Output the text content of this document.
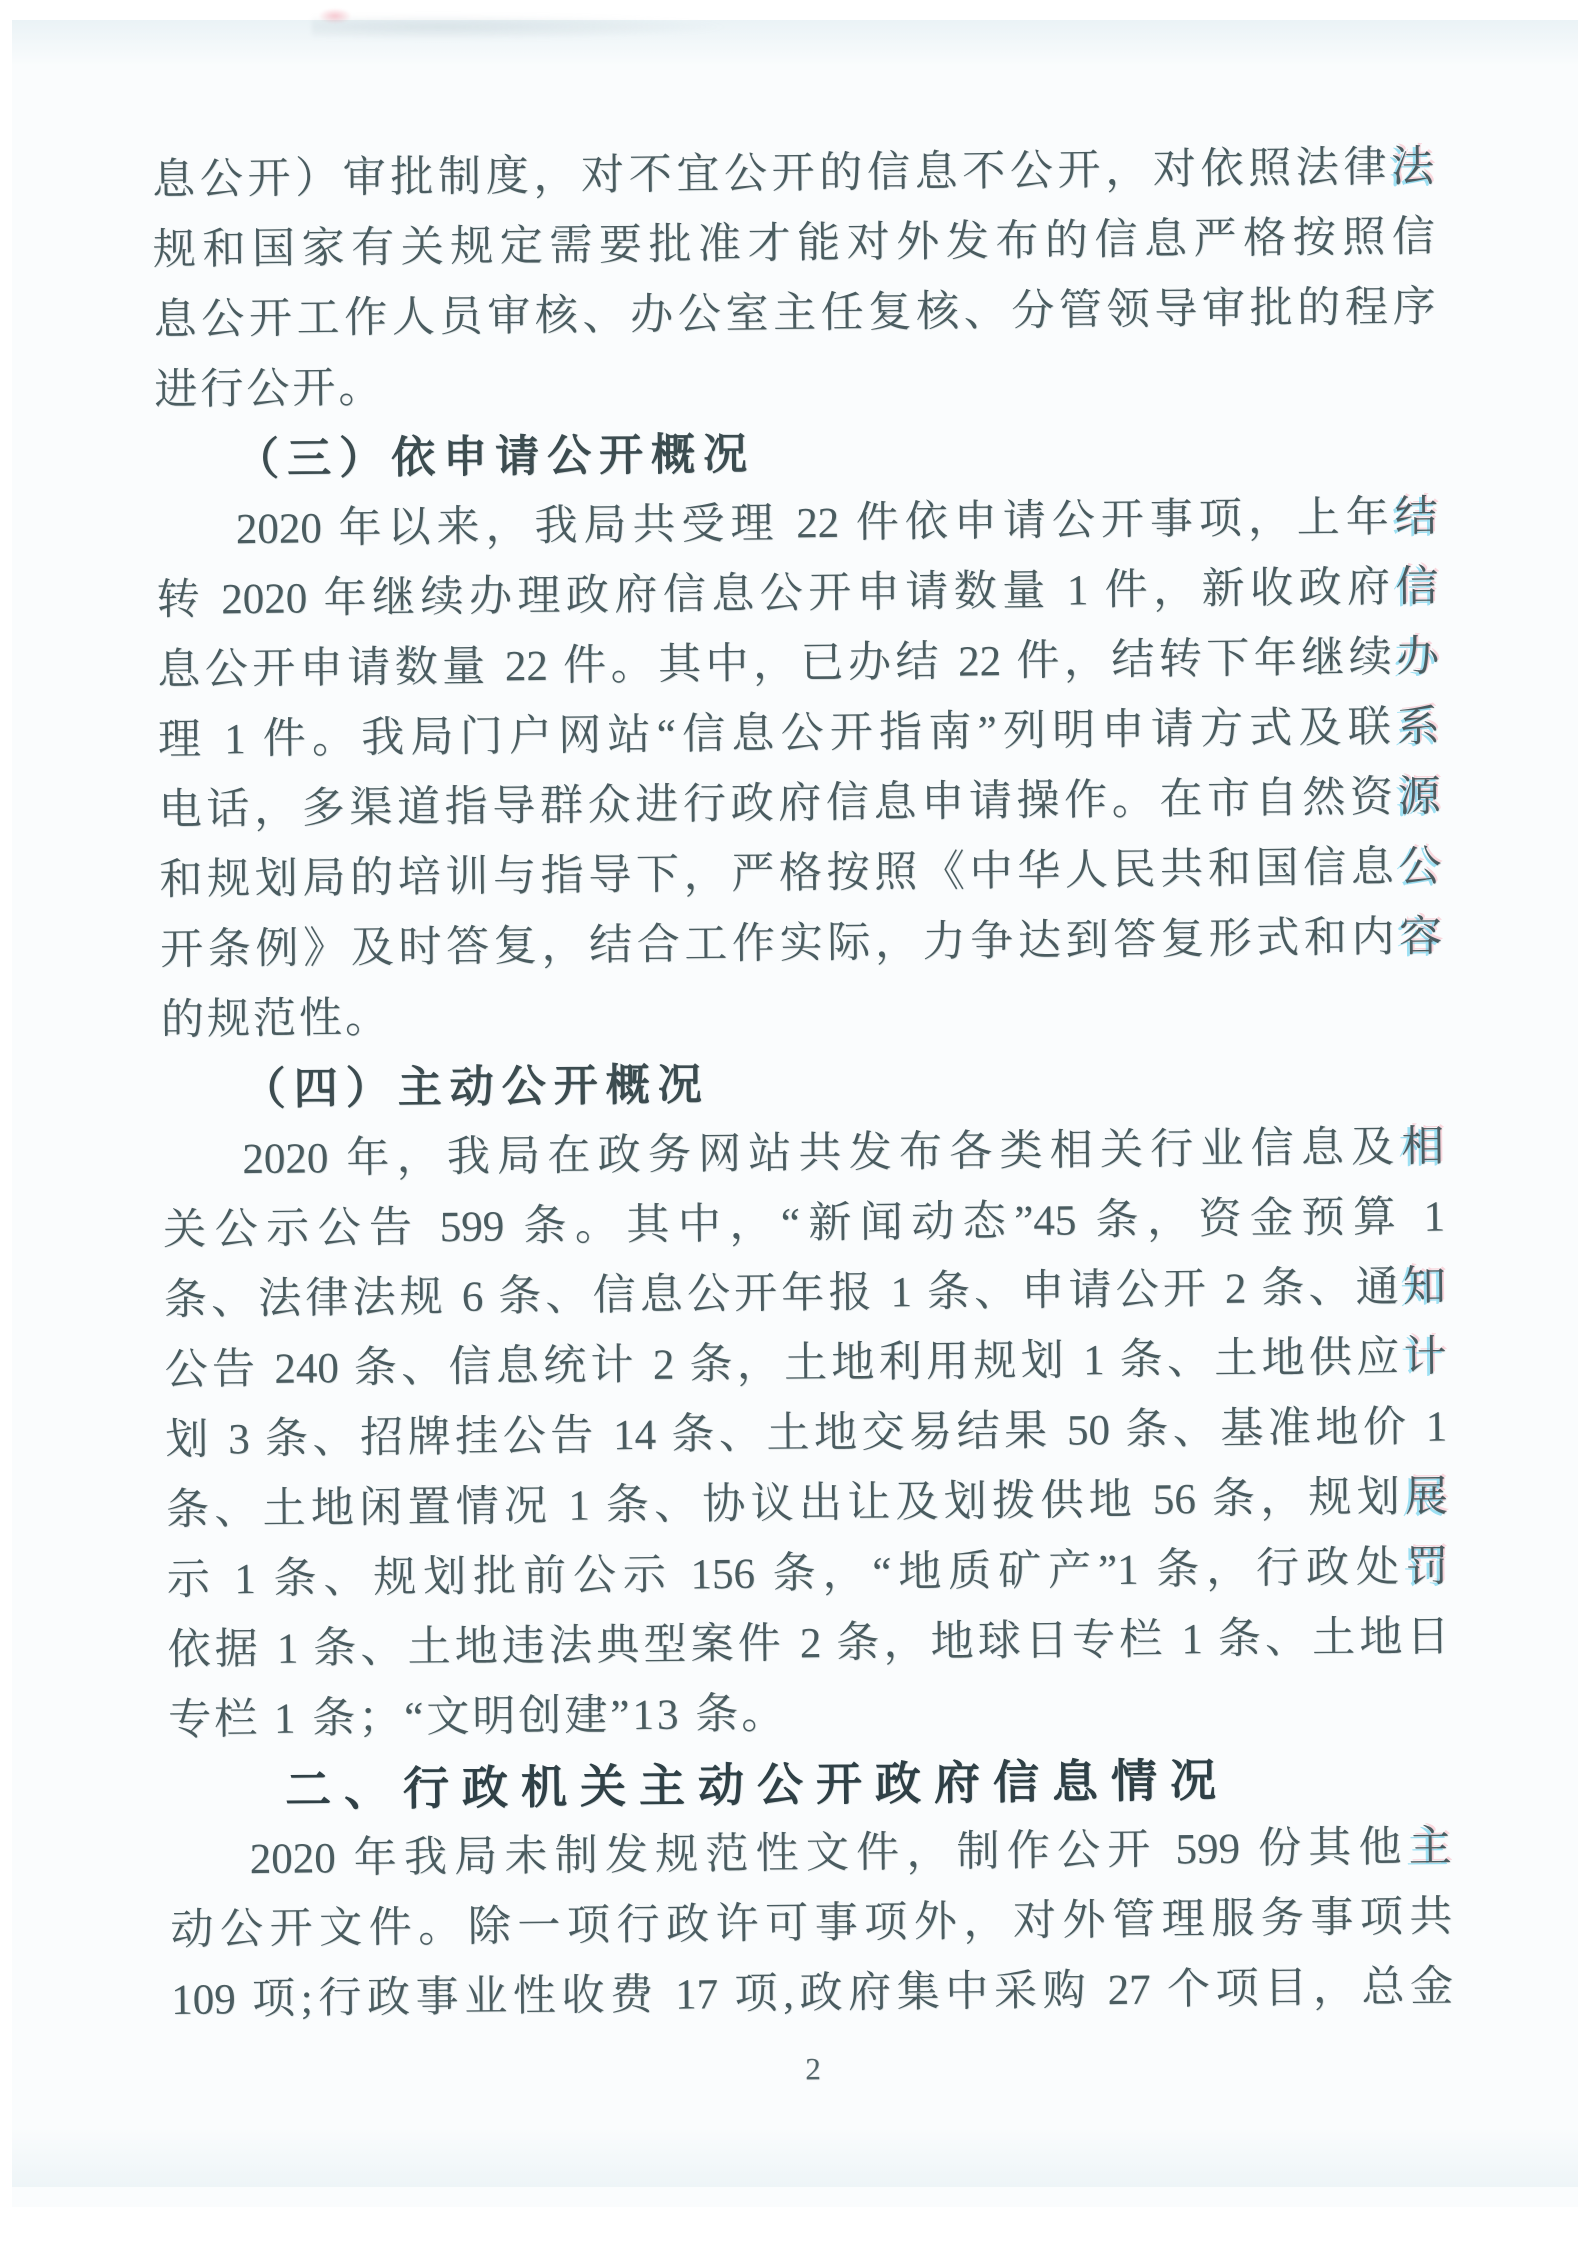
息公开）审批制度，对不宜公开的信息不公开，对依照法律法
规和国家有关规定需要批准才能对外发布的信息严格按照信
息公开工作人员审核、办公室主任复核、分管领导审批的程序
进行公开。
（三）依申请公开概况
2020 年以来，我局共受理 22 件依申请公开事项，上年结
转 2020 年继续办理政府信息公开申请数量 1 件，新收政府信
息公开申请数量 22 件。其中，已办结 22 件，结转下年继续办
理 1 件。我局门户网站“信息公开指南”列明申请方式及联系
电话，多渠道指导群众进行政府信息申请操作。在市自然资源
和规划局的培训与指导下，严格按照《中华人民共和国信息公
开条例》及时答复，结合工作实际，力争达到答复形式和内容
的规范性。
（四）主动公开概况
2020 年，我局在政务网站共发布各类相关行业信息及相
关公示公告 599 条。其中，“新闻动态”45 条，资金预算 1
条、法律法规 6 条、信息公开年报 1 条、申请公开 2 条、通知
公告 240 条、信息统计 2 条，土地利用规划 1 条、土地供应计
划 3 条、招牌挂公告 14 条、土地交易结果 50 条、基准地价 1
条、土地闲置情况 1 条、协议出让及划拨供地 56 条，规划展
示 1 条、规划批前公示 156 条，“地质矿产”1 条，行政处罚
依据 1 条、土地违法典型案件 2 条，地球日专栏 1 条、土地日
专栏 1 条；“文明创建”13 条。
二、行政机关主动公开政府信息情况
2020 年我局未制发规范性文件，制作公开 599 份其他主
动公开文件。除一项行政许可事项外，对外管理服务事项共
109 项;行政事业性收费 17 项,政府集中采购 27 个项目，总金
2
